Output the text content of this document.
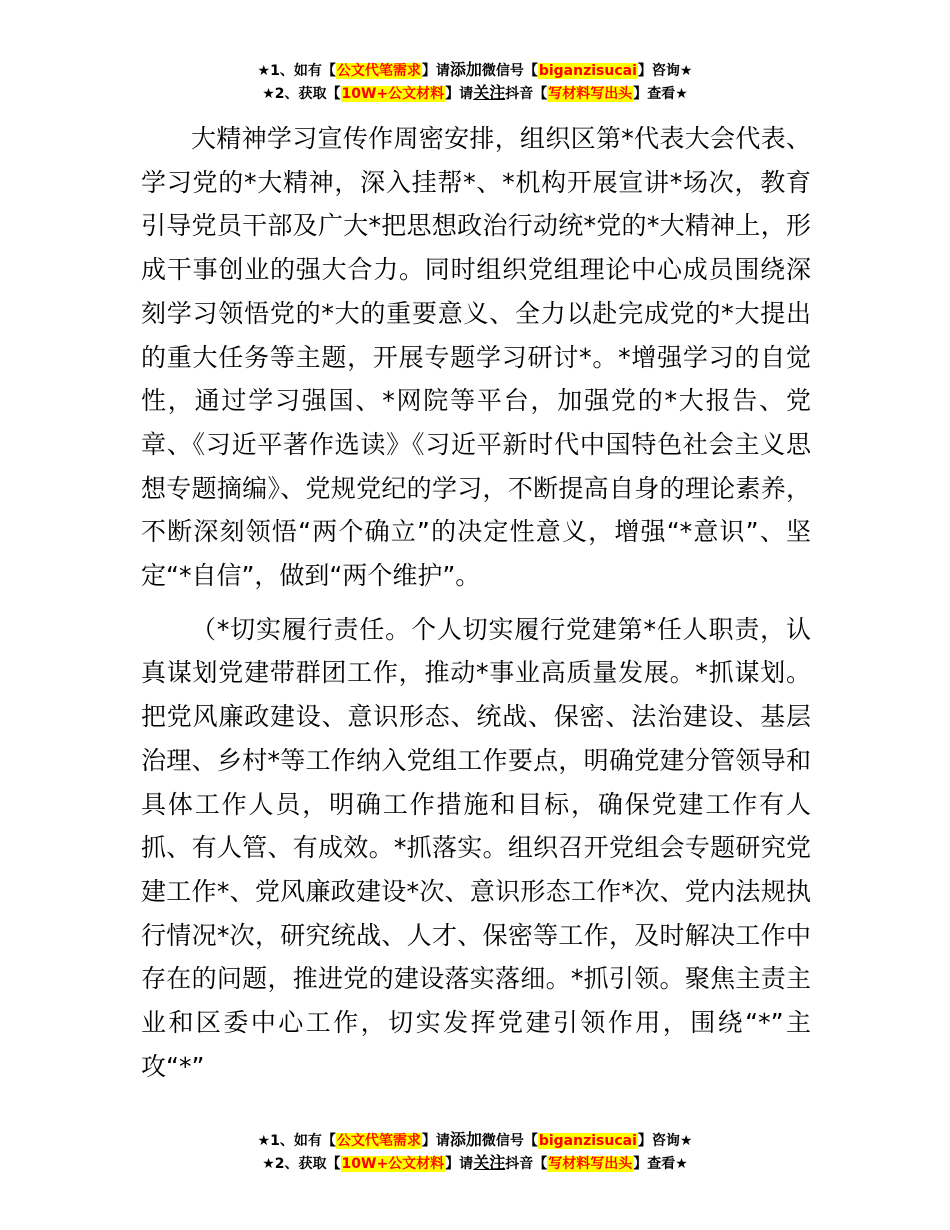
★1、如有【公文代笔需求】请添加微信号【biganzisucai】咨询★
★2、获取【10W+公文材料】请关注抖音【写材料写出头】查看★

大精神学习宣传作周密安排，组织区第*代表大会代表、学习党的*大精神，深入挂帮*、*机构开展宣讲*场次，教育引导党员干部及广大*把思想政治行动统*党的*大精神上，形成干事创业的强大合力。同时组织党组理论中心成员围绕深刻学习领悟党的*大的重要意义、全力以赴完成党的*大提出的重大任务等主题，开展专题学习研讨*。*增强学习的自觉性，通过学习强国、*网院等平台，加强党的*大报告、党章、《习近平著作选读》《习近平新时代中国特色社会主义思想专题摘编》、党规党纪的学习，不断提高自身的理论素养，不断深刻领悟“两个确立”的决定性意义，增强“*意识”、坚定“*自信”，做到“两个维护”。

（*切实履行责任。个人切实履行党建第*任人职责，认真谋划党建带群团工作，推动*事业高质量发展。*抓谋划。把党风廉政建设、意识形态、统战、保密、法治建设、基层治理、乡村*等工作纳入党组工作要点，明确党建分管领导和具体工作人员，明确工作措施和目标，确保党建工作有人抓、有人管、有成效。*抓落实。组织召开党组会专题研究党建工作*、党风廉政建设*次、意识形态工作*次、党内法规执行情况*次，研究统战、人才、保密等工作，及时解决工作中存在的问题，推进党的建设落实落细。*抓引领。聚焦主责主业和区委中心工作，切实发挥党建引领作用，围绕“*”主攻“*”

★1、如有【公文代笔需求】请添加微信号【biganzisucai】咨询★
★2、获取【10W+公文材料】请关注抖音【写材料写出头】查看★
